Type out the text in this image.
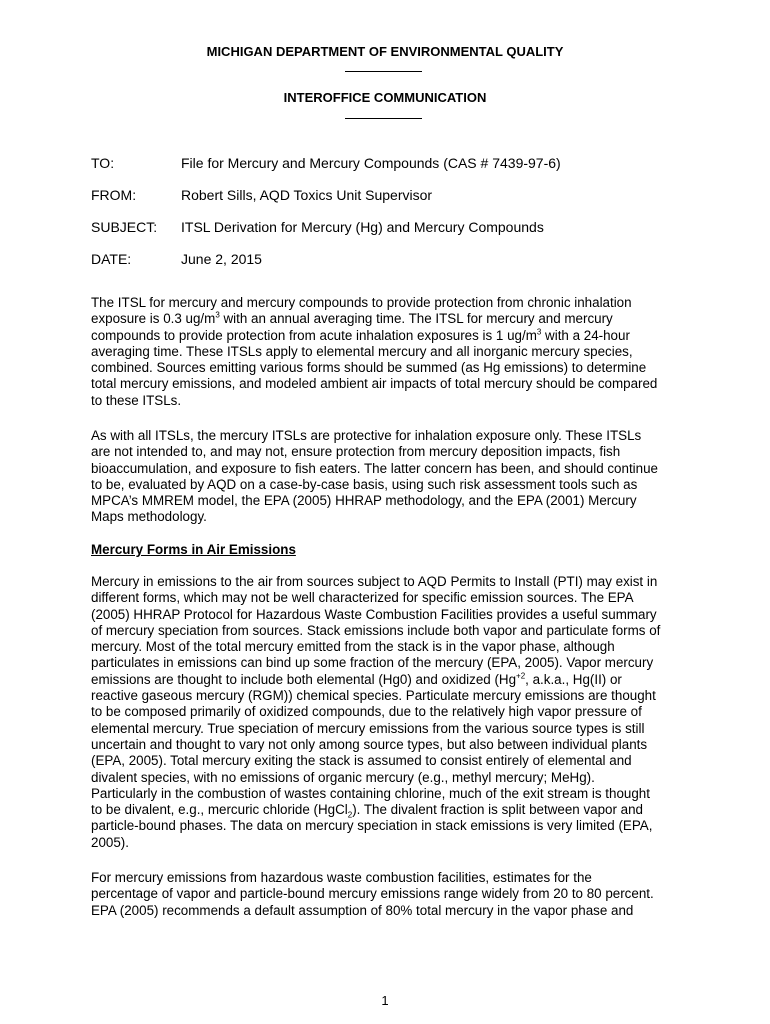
MICHIGAN DEPARTMENT OF ENVIRONMENTAL QUALITY
INTEROFFICE COMMUNICATION
TO:	File for Mercury and Mercury Compounds (CAS # 7439-97-6)
FROM:	Robert Sills, AQD Toxics Unit Supervisor
SUBJECT: ITSL Derivation for Mercury (Hg) and Mercury Compounds
DATE:	June 2, 2015
The ITSL for mercury and mercury compounds to provide protection from chronic inhalation
exposure is 0.3 $ug/m^3$ with an annual averaging time. The ITSL for mercury and mercury
compounds to provide protection from acute inhalation exposures is 1 $ug/m^3$ with a 24-hour
averaging time. These ITSLs apply to elemental mercury and all inorganic mercury species,
combined. Sources emitting various forms should be summed (as Hg emissions) to determine
total mercury emissions, and modeled ambient air impacts of total mercury should be compared
to these ITSLs.
As with all ITSLs, the mercury ITSLs are protective for inhalation exposure only. These ITSLs
are not intended to, and may not, ensure protection from mercury deposition impacts, fish
bioaccumulation, and exposure to fish eaters. The latter concern has been, and should continue
to be, evaluated by AQD on a case-by-case basis, using such risk assessment tools such as
MPCA’s MMREM model, the EPA (2005) HHRAP methodology, and the EPA (2001) Mercury
Maps methodology.
Mercury Forms in Air Emissions
Mercury in emissions to the air from sources subject to AQD Permits to Install (PTI) may exist in
different forms, which may not be well characterized for specific emission sources. The EPA
(2005) HHRAP Protocol for Hazardous Waste Combustion Facilities provides a useful summary
of mercury speciation from sources. Stack emissions include both vapor and particulate forms of
mercury. Most of the total mercury emitted from the stack is in the vapor phase, although
particulates in emissions can bind up some fraction of the mercury (EPA, 2005). Vapor mercury
emissions are thought to include both elemental (Hg0) and oxidized ($Hg^{+2}$, a.k.a., Hg(II) or
reactive gaseous mercury (RGM)) chemical species. Particulate mercury emissions are thought
to be composed primarily of oxidized compounds, due to the relatively high vapor pressure of
elemental mercury. True speciation of mercury emissions from the various source types is still
uncertain and thought to vary not only among source types, but also between individual plants
(EPA, 2005). Total mercury exiting the stack is assumed to consist entirely of elemental and
divalent species, with no emissions of organic mercury (e.g., methyl mercury; MeHg).
Particularly in the combustion of wastes containing chlorine, much of the exit stream is thought
to be divalent, e.g., mercuric chloride (HgCl$_2$). The divalent fraction is split between vapor and
particle-bound phases. The data on mercury speciation in stack emissions is very limited (EPA,
2005).
For mercury emissions from hazardous waste combustion facilities, estimates for the
percentage of vapor and particle-bound mercury emissions range widely from 20 to 80 percent.
EPA (2005) recommends a default assumption of 80% total mercury in the vapor phase and
1
